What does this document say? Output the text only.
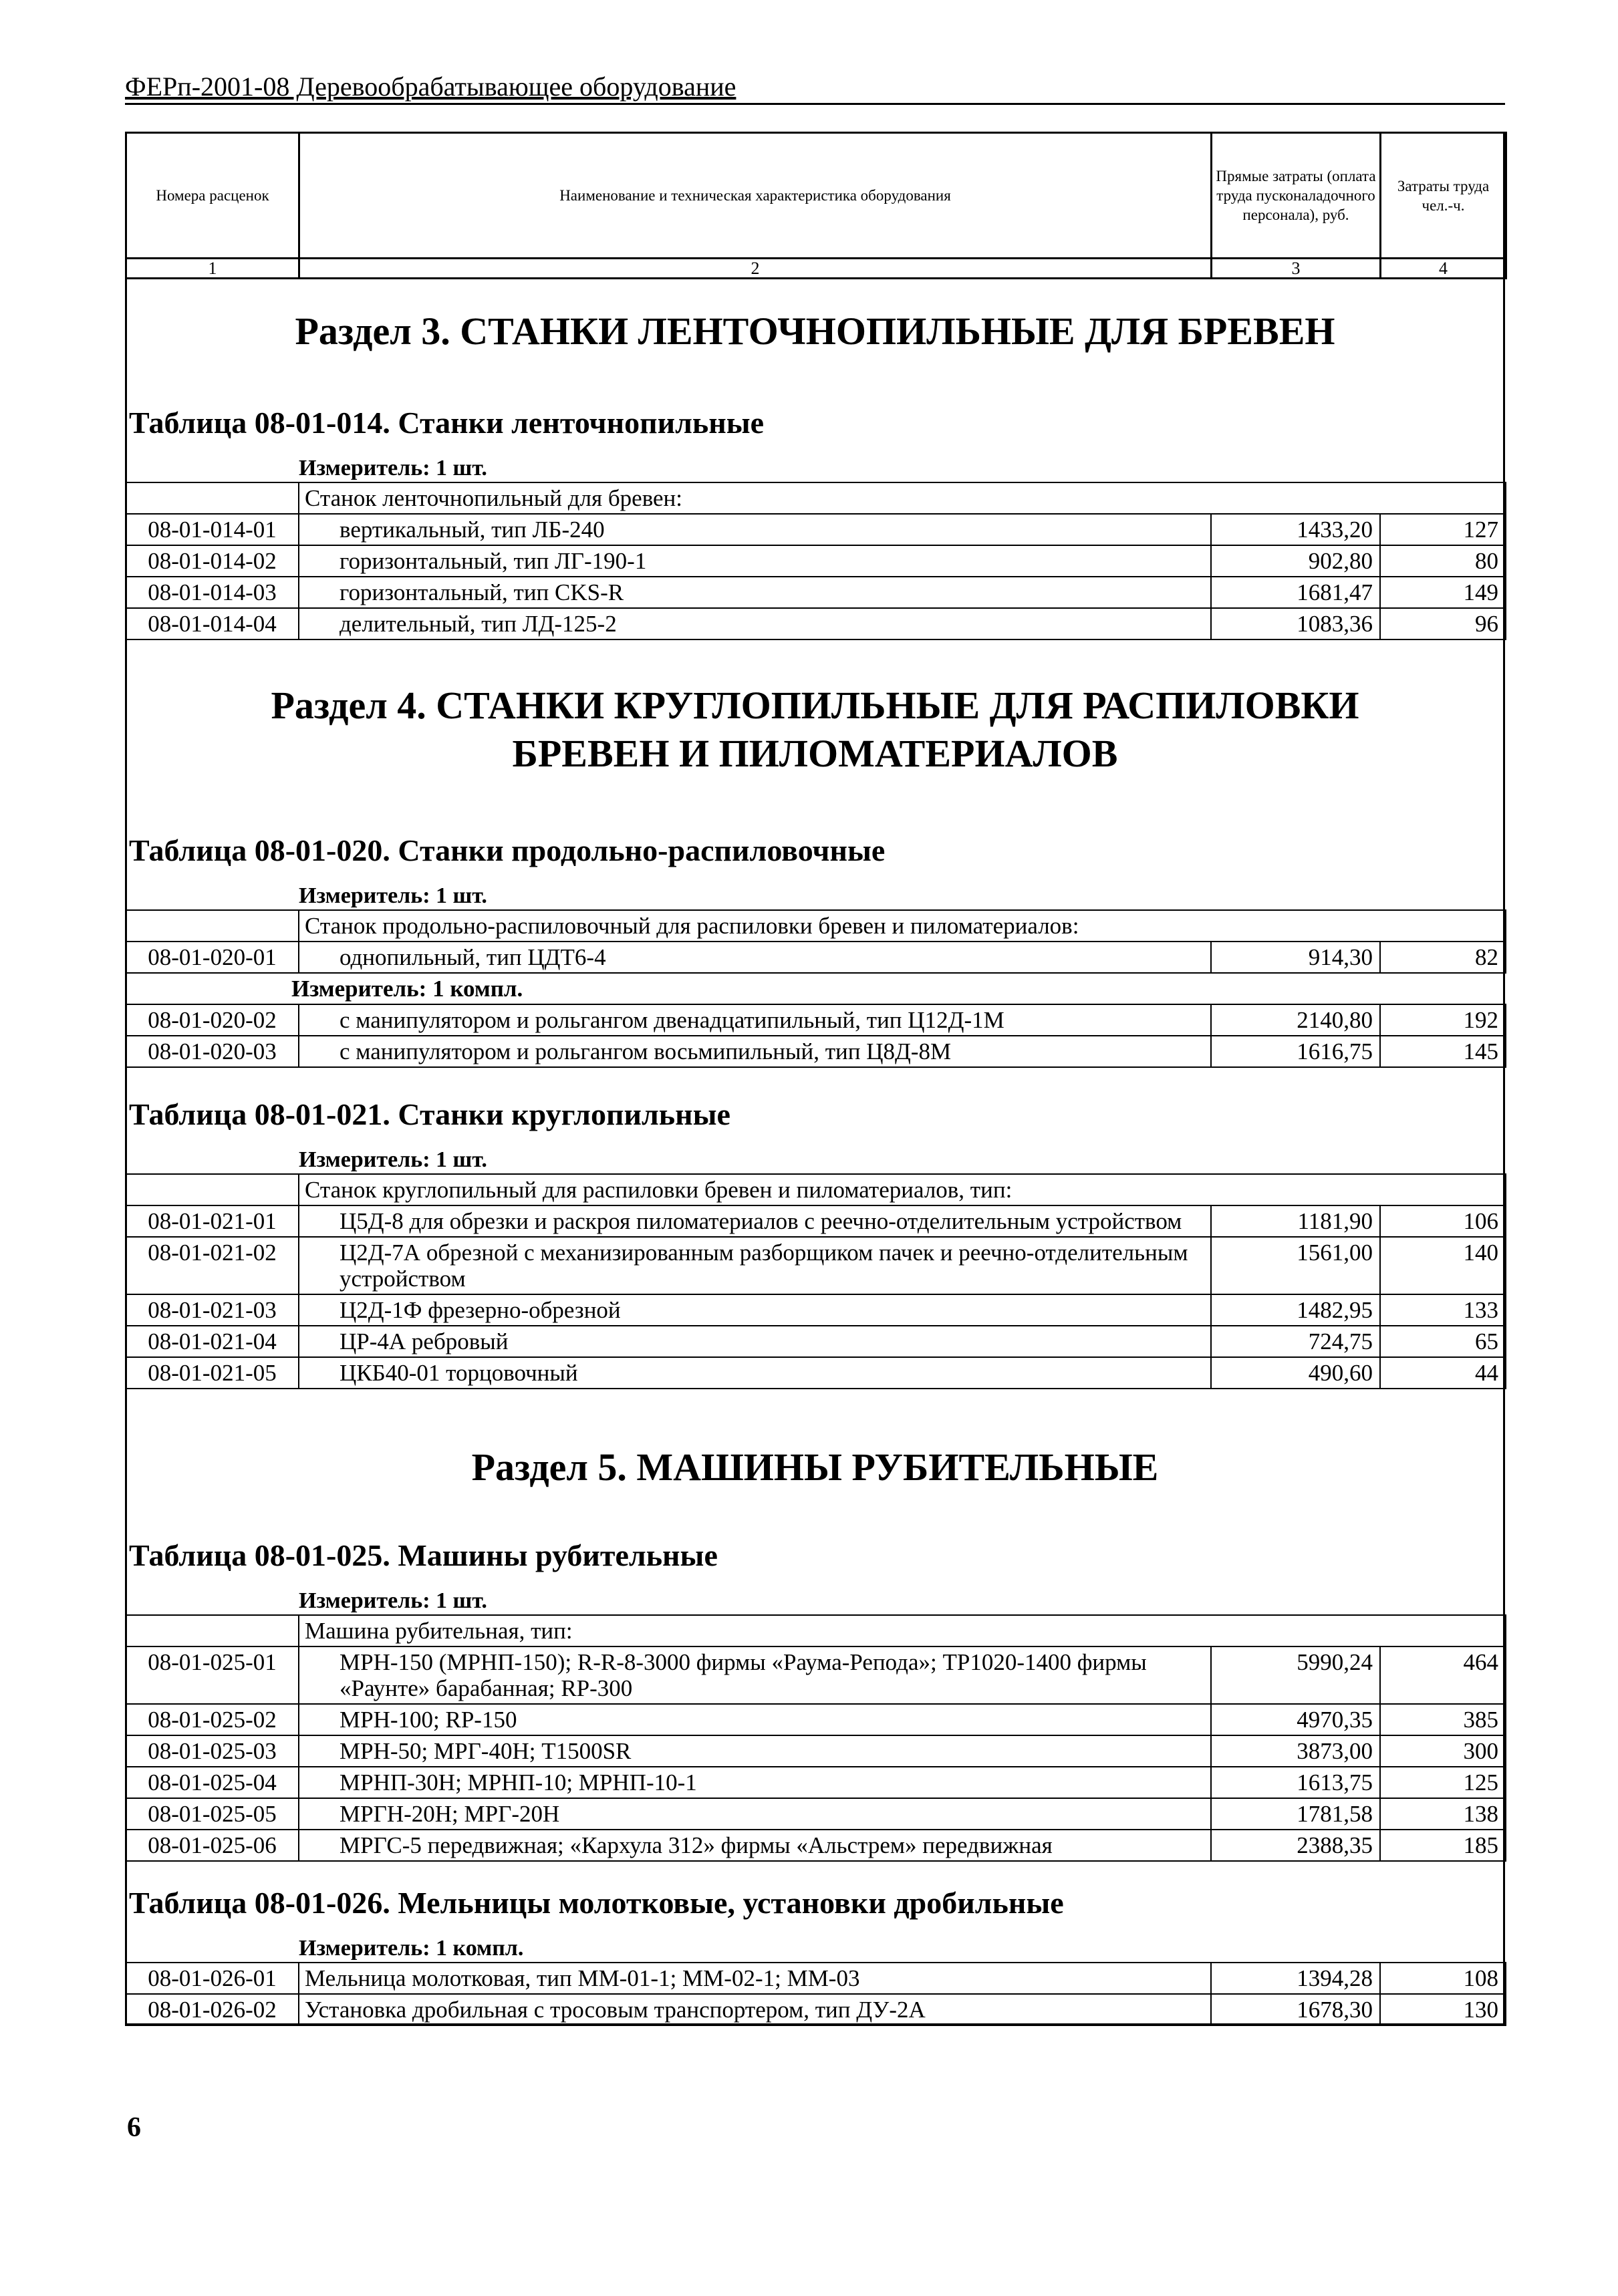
ФЕРп-2001-08 Деревообрабатывающее оборудование
Номера расценок	Наименование и техническая характеристика оборудования	Прямые затраты (оплата труда пусконаладочного персонала), руб.	Затраты труда чел.-ч.
1	2	3	4
Раздел 3. СТАНКИ ЛЕНТОЧНОПИЛЬНЫЕ ДЛЯ БРЕВЕН
Таблица 08-01-014. Станки ленточнопильные
Измеритель: 1 шт.
	Станок ленточнопильный для бревен:		
08-01-014-01	вертикальный, тип ЛБ-240	1433,20	127
08-01-014-02	горизонтальный, тип ЛГ-190-1	902,80	80
08-01-014-03	горизонтальный, тип CKS-R	1681,47	149
08-01-014-04	делительный, тип ЛД-125-2	1083,36	96
Раздел 4. СТАНКИ КРУГЛОПИЛЬНЫЕ ДЛЯ РАСПИЛОВКИ БРЕВЕН И ПИЛОМАТЕРИАЛОВ
Таблица 08-01-020. Станки продольно-распиловочные
Измеритель: 1 шт.
	Станок продольно-распиловочный для распиловки бревен и пиломатериалов:		
08-01-020-01	однопильный, тип ЦДТ6-4	914,30	82
Измеритель: 1 компл.			
08-01-020-02	с манипулятором и рольгангом двенадцатипильный, тип Ц12Д-1М	2140,80	192
08-01-020-03	с манипулятором и рольгангом восьмипильный, тип Ц8Д-8М	1616,75	145
Таблица 08-01-021. Станки круглопильные
Измеритель: 1 шт.
	Станок круглопильный для распиловки бревен и пиломатериалов, тип:		
08-01-021-01	Ц5Д-8 для обрезки и раскроя пиломатериалов с реечно-отделительным устройством	1181,90	106
08-01-021-02	Ц2Д-7А обрезной с механизированным разборщиком пачек и реечно-отделительным устройством	1561,00	140
08-01-021-03	Ц2Д-1Ф фрезерно-обрезной	1482,95	133
08-01-021-04	ЦР-4А ребровый	724,75	65
08-01-021-05	ЦКБ40-01 торцовочный	490,60	44
Раздел 5. МАШИНЫ РУБИТЕЛЬНЫЕ
Таблица 08-01-025. Машины рубительные
Измеритель: 1 шт.
	Машина рубительная, тип:		
08-01-025-01	МРН-150 (МРНП-150); R-R-8-3000 фирмы «Раума-Репода»; ТР1020-1400 фирмы «Раунте» барабанная; RP-300	5990,24	464
08-01-025-02	МРН-100; RP-150	4970,35	385
08-01-025-03	МРН-50; МРГ-40Н; T1500SR	3873,00	300
08-01-025-04	МРНП-30Н; МРНП-10; МРНП-10-1	1613,75	125
08-01-025-05	МРГН-20Н; МРГ-20Н	1781,58	138
08-01-025-06	МРГС-5 передвижная; «Кархула 312» фирмы «Альстрем» передвижная	2388,35	185
Таблица 08-01-026. Мельницы молотковые, установки дробильные
Измеритель: 1 компл.
08-01-026-01	Мельница молотковая, тип ММ-01-1; ММ-02-1; ММ-03	1394,28	108
08-01-026-02	Установка дробильная с тросовым транспортером, тип ДУ-2А	1678,30	130
6
